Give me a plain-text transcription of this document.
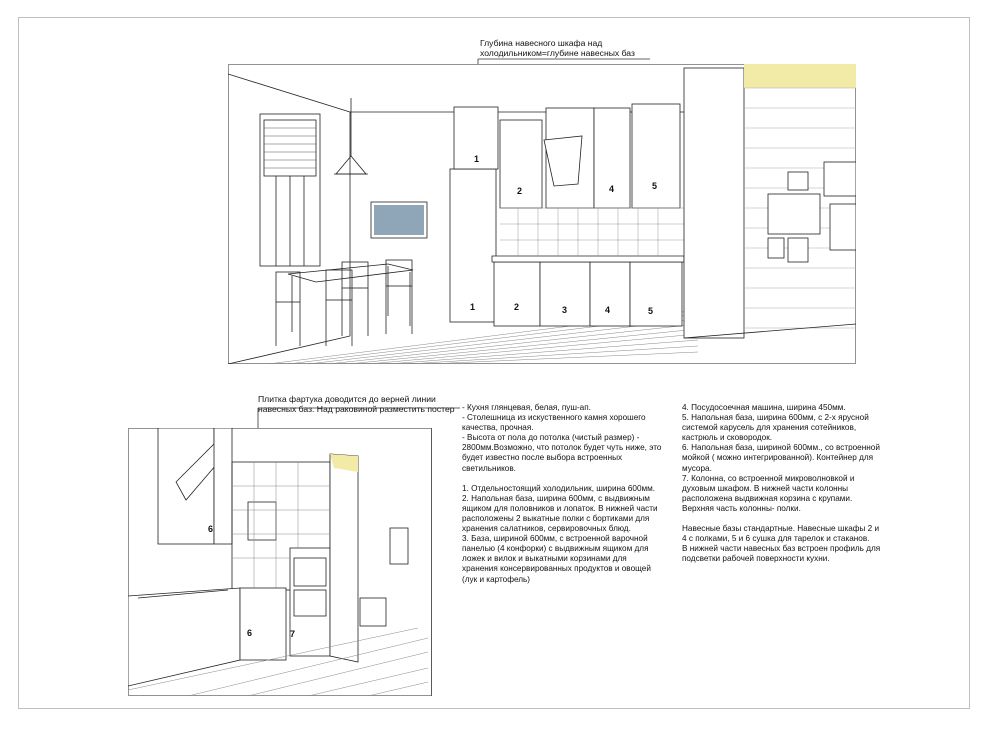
Глубина навесного шкафа над
холодильником=глубине навесных баз
1
2	4	5
1	2	3	4	5
Плитка фартука доводится до верней линии
навесных баз. Над раковиной разместить постер
6
6	7

- Кухня глянцевая, белая, пуш-ап.

- Столешница из искуственного камня хорошего

качества, прочная.

- Высота от пола до потолка (чистый размер) -

2800мм.Возможно, что потолок будет чуть ниже, это

будет известно после выбора встроенных

светильников.

1. Отдельностоящий холодильник, ширина 600мм.

2. Напольная база, ширина 600мм, с выдвижным

ящиком для половников и лопаток. В нижней части

расположены 2 выкатные полки с бортиками для

хранения салатников, сервировочных блюд.

3. База, шириной 600мм, с встроенной варочной

панелью (4 конфорки) с выдвижным ящиком для

ложек и вилок и выкатными корзинами для

хранения консервированных продуктов и овощей

(лук и картофель)

4. Посудосоечная машина, ширина 450мм.

5. Напольная база, ширина 600мм, с 2-х ярусной

системой карусель для хранения сотейников,

кастрюль и сковородок.

6. Напольная база, шириной 600мм., со встроенной

мойкой ( можно интегрированной). Контейнер для

мусора.

7. Колонна, со встроенной микроволновкой и

духовым шкафом. В нижней части колонны

расположена выдвижная корзина с крупами.

Верхняя часть колонны- полки.

Навесные базы стандартные. Навесные шкафы 2 и

4 с полками, 5 и 6 сушка для тарелок и стаканов.

В нижней части навесных баз встроен профиль для

подсветки рабочей поверхности кухни.
